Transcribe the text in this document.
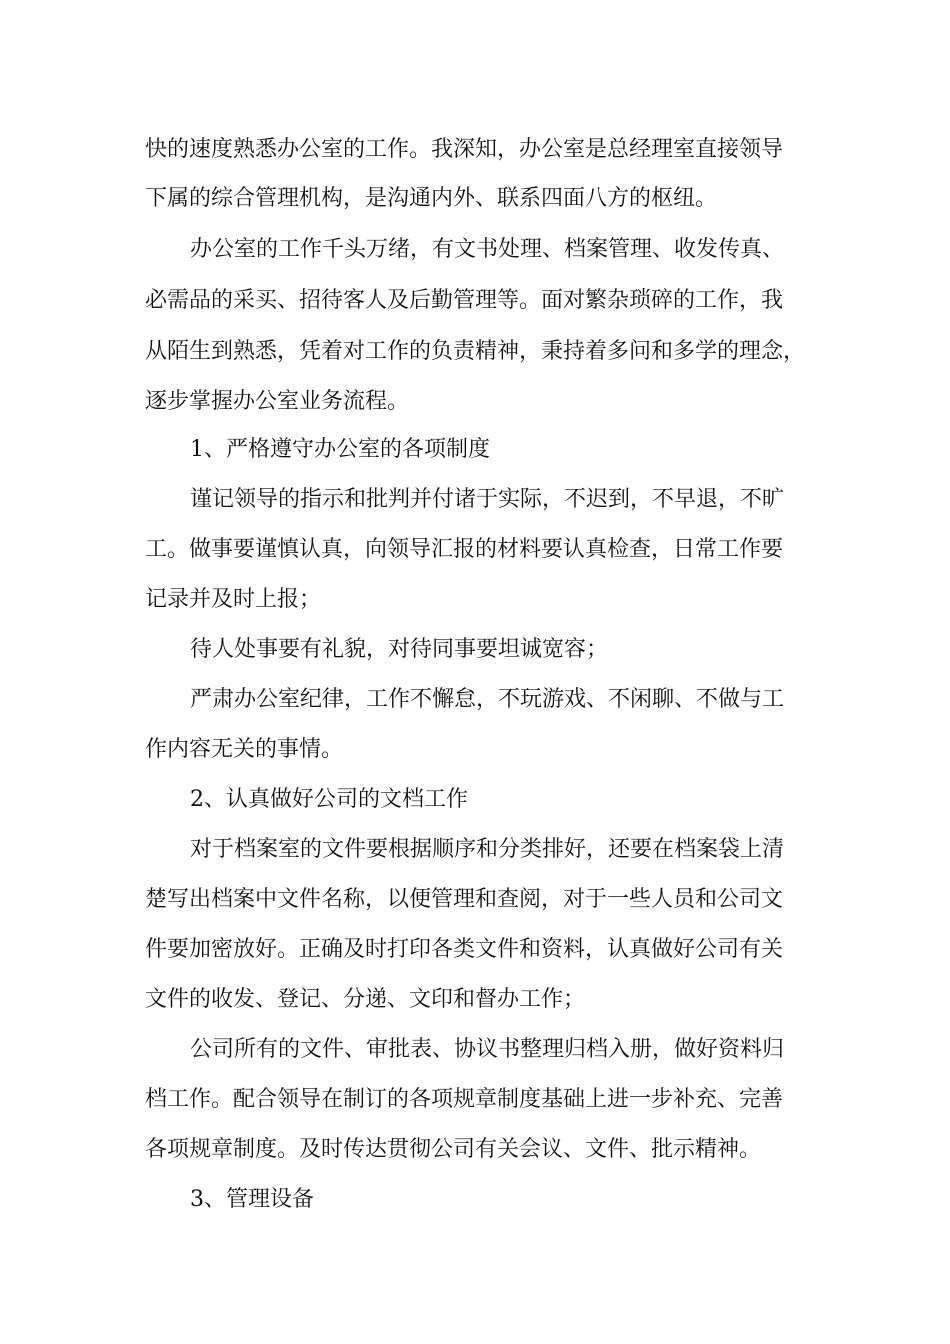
快的速度熟悉办公室的工作。我深知，办公室是总经理室直接领导
下属的综合管理机构，是沟通内外、联系四面八方的枢纽。
办公室的工作千头万绪，有文书处理、档案管理、收发传真、
必需品的采买、招待客人及后勤管理等。面对繁杂琐碎的工作，我
从陌生到熟悉，凭着对工作的负责精神，秉持着多问和多学的理念，
逐步掌握办公室业务流程。
1、严格遵守办公室的各项制度
谨记领导的指示和批判并付诸于实际，不迟到，不早退，不旷
工。做事要谨慎认真，向领导汇报的材料要认真检查，日常工作要
记录并及时上报；
待人处事要有礼貌，对待同事要坦诚宽容；
严肃办公室纪律，工作不懈怠，不玩游戏、不闲聊、不做与工
作内容无关的事情。
2、认真做好公司的文档工作
对于档案室的文件要根据顺序和分类排好，还要在档案袋上清
楚写出档案中文件名称，以便管理和查阅，对于一些人员和公司文
件要加密放好。正确及时打印各类文件和资料，认真做好公司有关
文件的收发、登记、分递、文印和督办工作；
公司所有的文件、审批表、协议书整理归档入册，做好资料归
档工作。配合领导在制订的各项规章制度基础上进一步补充、完善
各项规章制度。及时传达贯彻公司有关会议、文件、批示精神。
3、管理设备
